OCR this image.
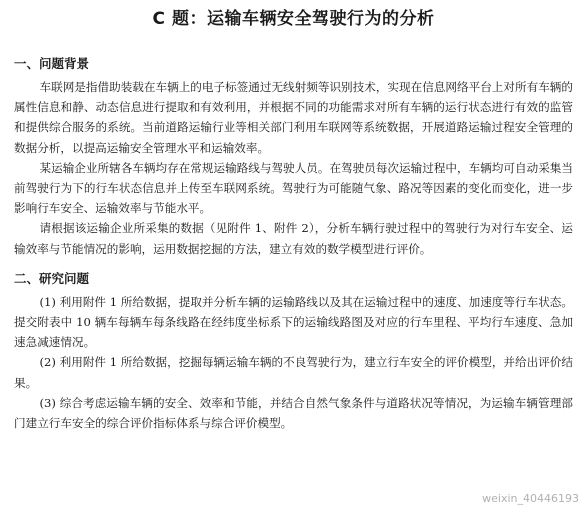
C 题：运输车辆安全驾驶行为的分析
一、问题背景

车联网是指借助装载在车辆上的电子标签通过无线射频等识别技术，实现在信息网络平台上对所有车辆的属性信息和静、动态信息进行提取和有效利用，并根据不同的功能需求对所有车辆的运行状态进行有效的监管和提供综合服务的系统。当前道路运输行业等相关部门利用车联网等系统数据，开展道路运输过程安全管理的数据分析，以提高运输安全管理水平和运输效率。

某运输企业所辖各车辆均存在常规运输路线与驾驶人员。在驾驶员每次运输过程中，车辆均可自动采集当前驾驶行为下的行车状态信息并上传至车联网系统。驾驶行为可能随气象、路况等因素的变化而变化，进一步影响行车安全、运输效率与节能水平。

请根据该运输企业所采集的数据（见附件 1、附件 2），分析车辆行驶过程中的驾驶行为对行车安全、运输效率与节能情况的影响，运用数据挖掘的方法，建立有效的数学模型进行评价。

二、研究问题

(1) 利用附件 1 所给数据，提取并分析车辆的运输路线以及其在运输过程中的速度、加速度等行车状态。提交附表中 10 辆车每辆车每条线路在经纬度坐标系下的运输线路图及对应的行车里程、平均行车速度、急加速急减速情况。

(2) 利用附件 1 所给数据，挖掘每辆运输车辆的不良驾驶行为，建立行车安全的评价模型，并给出评价结果。

(3) 综合考虑运输车辆的安全、效率和节能，并结合自然气象条件与道路状况等情况，为运输车辆管理部门建立行车安全的综合评价指标体系与综合评价模型。

weixin_40446193
